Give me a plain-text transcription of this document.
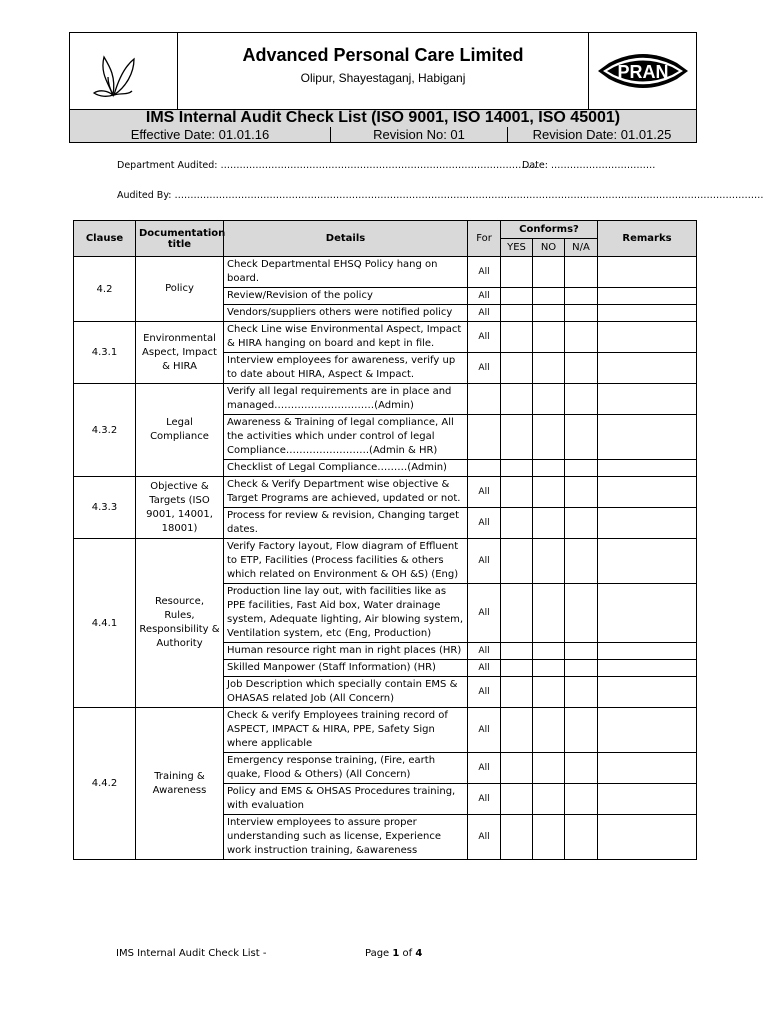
Advanced Personal Care Limited
Olipur, Shayestaganj, Habiganj	PRAN
IMS Internal Audit Check List (ISO 9001, ISO 14001, ISO 45001)
Effective Date: 01.01.16	Revision No: 01	Revision Date: 01.01.25
Department Audited: ……………………………………………………………………………………….
Date: ……………………………
Audited By: ……………………………………………………………………………………………………………………………………………………………………
Clause	Documentation title	Details	For	Conforms?			Remarks
				YES	NO	N/A	
4.2	Policy	Check Departmental EHSQ Policy hang on board.	All				
		Review/Revision of the policy	All				
		Vendors/suppliers others were notified policy	All				
4.3.1	Environmental Aspect, Impact & HIRA	Check Line wise Environmental Aspect, Impact & HIRA hanging on board and kept in file.	All				
		Interview employees for awareness, verify up to date about HIRA, Aspect & Impact.	All				
4.3.2	Legal Compliance	Verify all legal requirements are in place and managed…………………………(Admin)					
		Awareness & Training of legal compliance, All the activities which under control of legal Compliance…………………….(Admin & HR)					
		Checklist of Legal Compliance………(Admin)					
4.3.3	Objective & Targets (ISO 9001, 14001, 18001)	Check & Verify Department wise objective & Target Programs are achieved, updated or not.	All				
		Process for review & revision, Changing target dates.	All				
4.4.1	Resource, Rules, Responsibility & Authority	Verify Factory layout, Flow diagram of Effluent to ETP, Facilities (Process facilities & others which related on Environment & OH &S) (Eng)	All				
		Production line lay out, with facilities like as PPE facilities, Fast Aid box, Water drainage system, Adequate lighting, Air blowing system, Ventilation system, etc (Eng, Production)	All				
		Human resource right man in right places (HR)	All				
		Skilled Manpower (Staff Information) (HR)	All				
		Job Description which specially contain EMS & OHASAS related Job (All Concern)	All				
4.4.2	Training & Awareness	Check & verify Employees training record of ASPECT, IMPACT & HIRA, PPE, Safety Sign where applicable	All				
		Emergency response training, (Fire, earth quake, Flood & Others) (All Concern)	All				
		Policy and EMS & OHSAS Procedures training, with evaluation	All				
		Interview employees to assure proper understanding such as license, Experience work instruction training, &awareness	All				
IMS Internal Audit Check List -	Page 1 of 4
